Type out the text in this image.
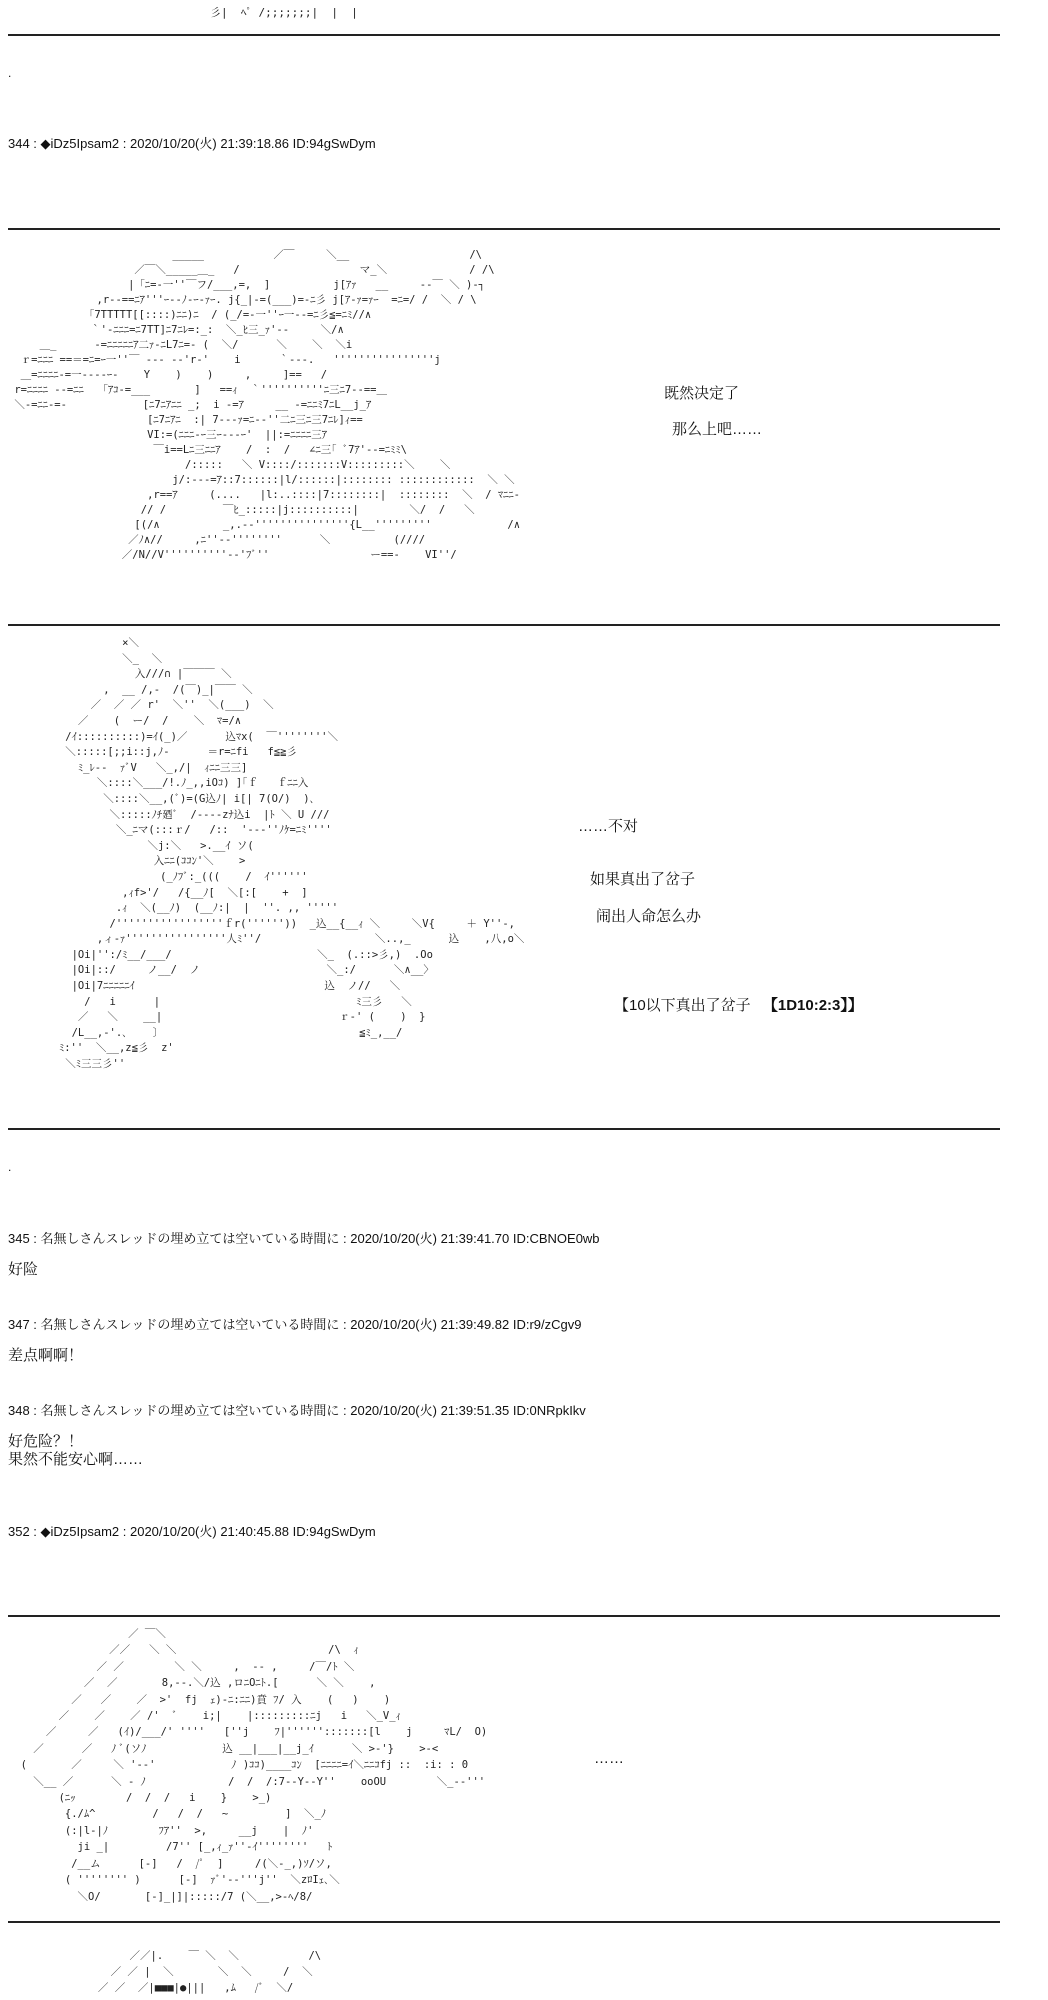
彡|  ﾍﾟ /;;;;;;;|  |  |
.
344 : ◆iDz5Ipsam2 : 2020/10/20(火) 21:39:18.86 ID:94gSwDym
_____           ／￣     ＼__                   /\
／￣＼_____＿_   /                   マ_＼             / /\
|「ﾆ=-一''￣フ/___,=,  ]          j[ｱｧ   __     -‐￣ ＼ )‐┐
,r--==ﾆｱ'''ｰ--ﾉ-ｰ-ｧｰ. j{_|-=(___)=-ﾆ彡 j[ｱ-ｧ=ｧｰ  =ﾆ=/ /  ＼ / \
「7TTTTT[[::::)ﾆﾆ)ﾆ  / (_/=-一''ｰ一-‐=ﾆ彡≦=ﾆﾐ//∧
｀'-ﾆﾆﾆ=ﾆ7TT]ﾆ7ﾆﾚ=:_:  ＼_ﾋ三_ｧ'‐-     ＼/∧
＿_      -=ﾆﾆﾆﾆﾆｱ二ｧ-ﾆL7ﾆ=- (  ＼/      ＼    ＼  ＼i
ｒ=ﾆﾆﾆ ==＝=ﾆ=ｰ一''￣ -‐‐ -‐'r‐'    i      ｀---.   ''''''''''''''''j
＿=ﾆﾆﾆﾆ-=一‐‐--ｰ-    Y    )    )     ,     ]==   /
r=ﾆﾆﾆﾆ --=ﾆﾆ   ｢ｱｺ-=___       ]   ==ｨ  ｀''''''''''ﾆ三ﾆ7‐‐==＿
＼-=ﾆﾆ-=-            [ﾆ7ﾆｱﾆﾆ _;  i -=ｱ     __ -=ﾆﾆﾐ7ﾆL__j_ｱ
[ﾆ7ﾆｱﾆ  :| 7‐--ｧ=ﾆ-‐''二ﾆ三ﾆ三7ﾆﾚ]ｨ==
VI:=(ﾆﾆﾆ-ｰ三ｰ-‐‐ｰ'  ||:=ﾆﾆﾆﾆ三ｱ
￣i==Lﾆ三ﾆﾆｱ    /  :  /   ∠ﾆ三｢ ﾞ7ｱ'‐-=ﾆﾐﾐ\
/:::::   ＼ V::::/:::::::V:::::::::＼    ＼
j/:---=ｱ::7::::::|l/::::::|:::::::: ::::::::::::  ＼ ＼
,r==ｱ     (....   |l:..::::|7::::::::|  ::::::::  ＼  / ﾏﾆﾆ-
// /         ￣ﾋ_:::::|j::::::::::|        ＼/  /   ＼
[(/∧          _,.--'''''''''''''''{L__'''''''''            /∧
／ﾉ∧//     ,ﾆ''‐‐''''''''      ＼          (////
／/N//V''''''''''‐‐'ﾌﾞ''                ー==-    VI''/
既然决定了
那么上吧……
×＼
＼_  ＼
入///∩ |￣￣￣ ＼
,  __ /,-  /(￣)_|￣￣ ＼
／  ／ ／ r'  ＼''  ＼(___)  ＼
／    (  ー/  /    ＼  ﾏ=/∧
/ｲ::::::::::)=ｲ(_)／      込ﾏx(  ￣''''''''＼
＼:::::[;;i::j,ﾉ-      ＝r=ﾆfi   f≦≧彡
ﾐ_ﾚ-‐  ｧﾞV   ＼_,/|  ｨﾆﾆ三三]
＼::::＼___/!.ﾉ_,,iOｺ) ]｢ｆ   ｆﾆﾆ入
＼::::＼__,(ﾞ)=(G込ﾉ| i[| 7(O/)  )､
＼:::::ﾉﾁ廼ﾞ  /‐‐‐‐zﾅ込i  |ﾄ ＼ U ///
＼_ﾆマ(:::ｒ/   /::  '‐--''ﾉｹ=ﾆﾐ''''
＼j:＼   >.__ｲ ソ(
入ﾆﾆ(ｺｺﾝ'＼    >
(_ﾉﾌﾞ:_(((    /  ｲ''''''
,ｨf>'/   /{__ﾉ[  ＼[:[    +  ]
.ｨ  ＼(__ﾉ)  (__ﾉ:|  |  ''. ,, '''''
/'''''''''''''''''ｆr(''''''))  _込__{__ｨ ＼     ＼V{     ＋ Y''‐,
,ィ-ｧ''''''''''''''''人ﾐ''/                  ＼..,_      込    ,八,o＼
|Oi|'':/ﾐ__/___/                       ＼_  (.::>彡,)  .Oo
|Oi|::/     ノ__/  ノ                    ＼_:/      ＼∧__〉
|Oi|7ﾆﾆﾆﾆﾆｲ                              込  ノ//   ＼
/   i      |                               ﾐ三彡   ＼
／   ＼    __|                            ｒ-' (    )  }
/L__,-'.､    〕                               ≦ﾐ_,__/
ﾐ:''  ＼__,z≦彡  z'
＼ﾐ三三彡''
……不对
如果真出了岔子
闹出人命怎么办
【10以下真出了岔子 【1D10:2:3】】
.
345 : 名無しさんスレッドの埋め立ては空いている時間に : 2020/10/20(火) 21:39:41.70 ID:CBNOE0wb
好险
347 : 名無しさんスレッドの埋め立ては空いている時間に : 2020/10/20(火) 21:39:49.82 ID:r9/zCgv9
差点啊啊！
348 : 名無しさんスレッドの埋め立ては空いている時間に : 2020/10/20(火) 21:39:51.35 ID:0NRpkIkv
好危险？！
果然不能安心啊……
352 : ◆iDz5Ipsam2 : 2020/10/20(火) 21:40:45.88 ID:94gSwDym
／ ￣＼
／／   ＼ ＼                        /\  ｨ
／ ／        ＼ ＼     ,  -- ,     /￣/ﾄ ＼
／  ／       8,--.＼/込 ,ロﾆOﾆﾄ.[      ＼ ＼    ,
／   ／    ／  >'  fj  ｪ)-ﾆ:ﾆﾆ)賁 ﾌ/ 入    (   )    )
／    ／    ／ /'  ﾞ    i;|    |:::::::::ﾆj   i   ＼_V_ｨ
／     ／   (ｲ)/___/' ''''   [''j    ﾌ|'''''':::::::[l    j     ﾏL/  O)
／      ／   ﾉ ﾞ(ソﾉ            込 __|___|__j_ｲ      ＼ >-'}    >-<
(       ／     ＼ '-‐'            ﾉ )ｺｺ)____ｺﾝ  [ﾆﾆﾆﾆ=ｲ＼ﾆﾆｺfj ::  :i: : 0
＼__ ／      ＼ - ﾉ             /  /  /:7--Y--Y''    ooOU        ＼_--'''
(ﾆｯ        /  /  /   i    }    >_)
{./ﾑ^         /   /  /   ~         ]  ＼_ﾉ
(:|l-|ﾉ        ﾌｱ''  >,     __j    |  ﾉ'
ji _|         /7'' [_,ｨ_ｧ''-ｲ''''''''   ﾄ
/__ム      [-]   /  /ﾟ  ]     /(＼-_,)ｿ/ソ,
( '''''''' )      [-]  ｧﾞ'‐‐'''j''  ＼zﾛIｪ､＼
＼O/       [-]_|]|:::::/7 (＼__,>-ﾍ/8/
……
／／|.    ￣ ＼  ＼           /\
／ ／ |  ＼       ＼  ＼     /  ＼
／ ／  ／|■■■|●|||   ,ﾑ   /ﾞ  ＼/
